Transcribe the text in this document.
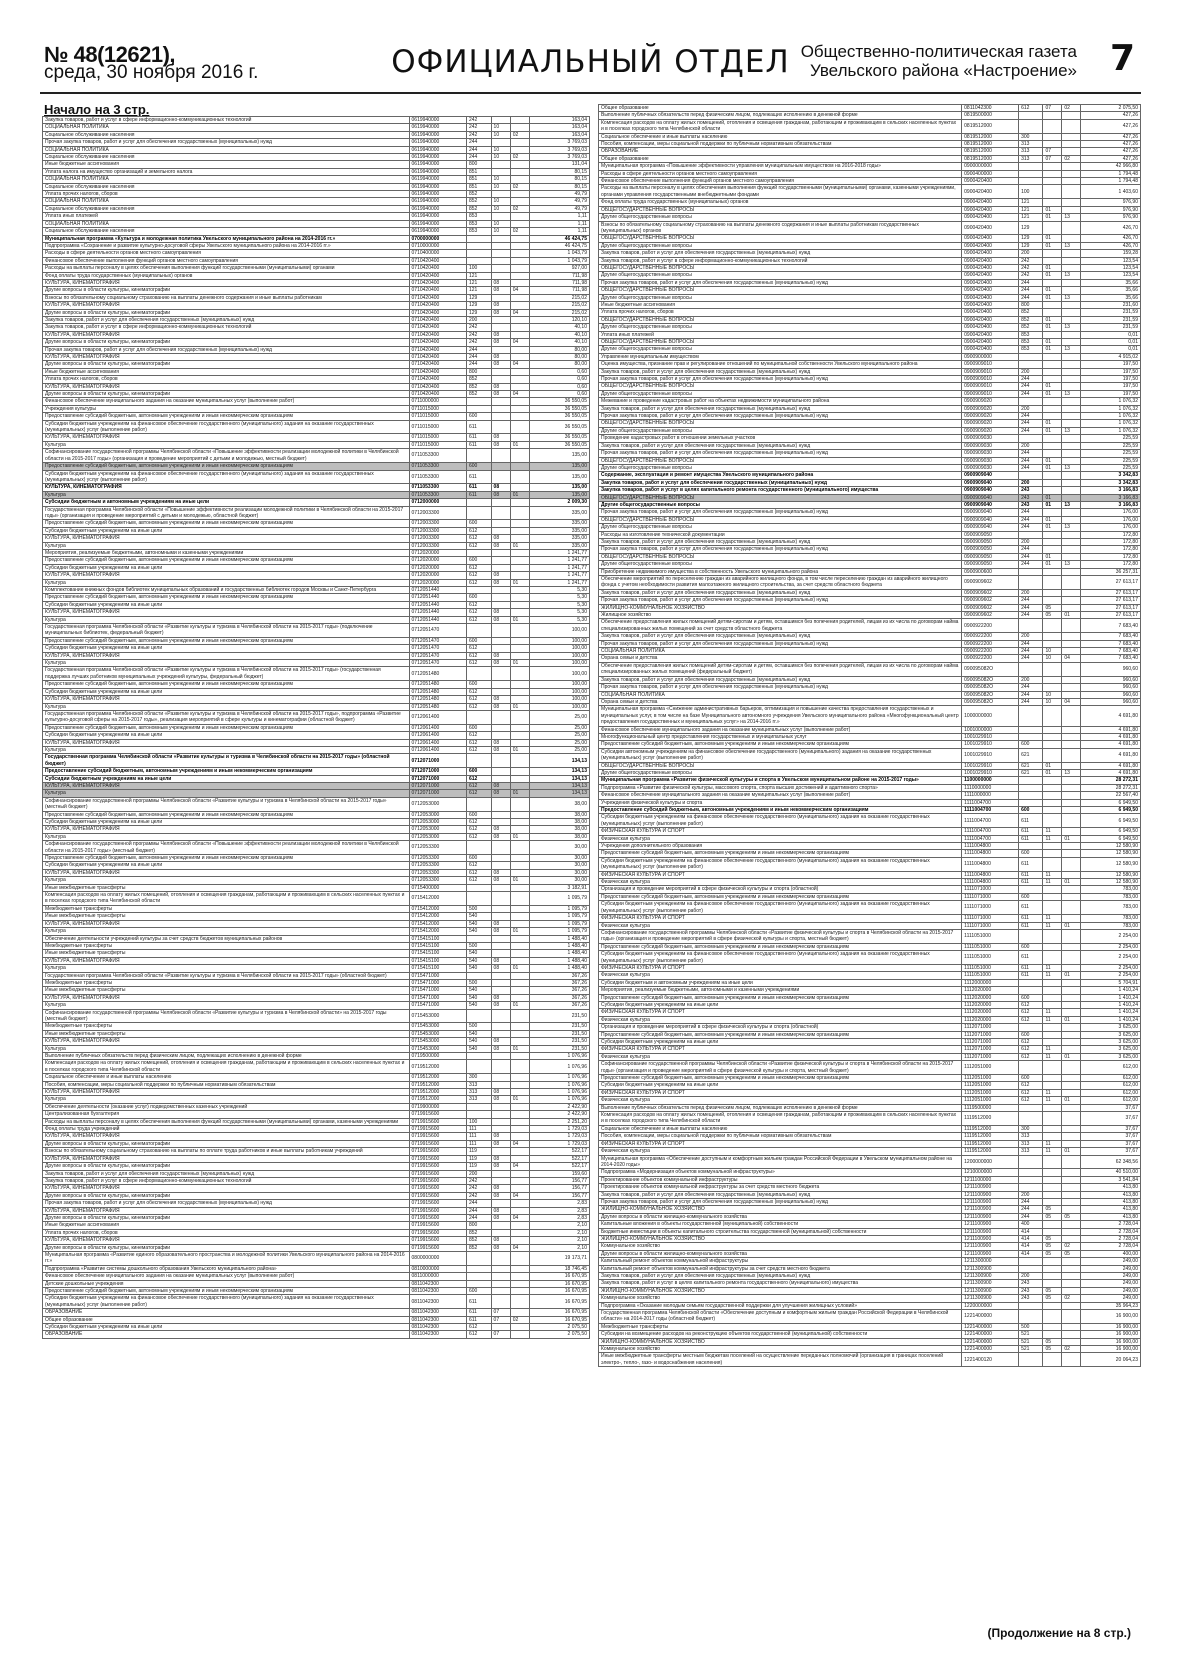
№ 48(12621),
среда, 30 ноября 2016 г.	ОФИЦИАЛЬНЫЙ ОТДЕЛ Общественно-политическая газета
Увельского района «Настроение» 7
Начало на 3 стр.
Закупка товаров, работ и услуг в сфере информационно-коммуникационных технологий	0619940000	242			163,04
СОЦИАЛЬНАЯ ПОЛИТИКА	0619940000	242	10		163,04
Социальное обслуживание населения	0619940000	242	10	02	163,04
Прочая закупка товаров, работ и услуг для обеспечения государственных (муниципальных) нужд	0619940000	244			3 769,03
СОЦИАЛЬНАЯ ПОЛИТИКА	0619940000	244	10		3 769,03
Социальное обслуживание населения	0619940000	244	10	02	3 769,03
Иные бюджетные ассигнования	0619940000	800			131,04
Уплата налога на имущество организаций и земельного налога	0619940000	851			80,15
СОЦИАЛЬНАЯ ПОЛИТИКА	0619940000	851	10		80,15
Социальное обслуживание населения	0619940000	851	10	02	80,15
Уплата прочих налогов, сборов	0619940000	852			49,79
СОЦИАЛЬНАЯ ПОЛИТИКА	0619940000	852	10		49,79
Социальное обслуживание населения	0619940000	852	10	02	49,79
Уплата иных платежей	0619940000	853			1,11
СОЦИАЛЬНАЯ ПОЛИТИКА	0619940000	853	10		1,11
Социальное обслуживание населения	0619940000	853	10	02	1,11
Муниципальная программа «Культура и молодежная политика Увельского муниципального района на 2014-2016 гг.»	0700000000				46 424,75
Подпрограмма «Сохранение и развитие культурно-досуговой сферы Увельского муниципального района на 2014-2016 гг.»	0710000000				46 424,75
Расходы в сфере деятельности органов местного самоуправления	0710400000				1 043,79
Финансовое обеспечение выполнения функций органов местного самоуправления	0710420400				1 043,79
Расходы на выплаты персоналу в целях обеспечения выполнения функций государственными (муниципальными) органами	0710420400	100			927,00
Фонд оплаты труда государственных (муниципальных) органов	0710420400	121			711,98
КУЛЬТУРА, КИНЕМАТОГРАФИЯ	0710420400	121	08		711,98
Другие вопросы в области культуры, кинематографии	0710420400	121	08	04	711,98
Взносы по обязательному социальному страхованию на выплаты денежного содержания и иные выплаты работникам	0710420400	129			215,02
КУЛЬТУРА, КИНЕМАТОГРАФИЯ	0710420400	129	08		215,02
Другие вопросы в области культуры, кинематографии	0710420400	129	08	04	215,02
Закупка товаров, работ и услуг для обеспечения государственных (муниципальных) нужд	0710420400	200			120,10
Закупка товаров, работ и услуг в сфере информационно-коммуникационных технологий	0710420400	242			40,10
КУЛЬТУРА, КИНЕМАТОГРАФИЯ	0710420400	242	08		40,10
Другие вопросы в области культуры, кинематографии	0710420400	242	08	04	40,10
Прочая закупка товаров, работ и услуг для обеспечения государственных (муниципальных) нужд	0710420400	244			80,00
КУЛЬТУРА, КИНЕМАТОГРАФИЯ	0710420400	244	08		80,00
Другие вопросы в области культуры, кинематографии	0710420400	244	08	04	80,00
Иные бюджетные ассигнования	0710420400	800			0,60
Уплата прочих налогов, сборов	0710420400	852			0,60
КУЛЬТУРА, КИНЕМАТОГРАФИЯ	0710420400	852	08		0,60
Другие вопросы в области культуры, кинематографии	0710420400	852	08	04	0,60
Финансовое обеспечение муниципального задания на оказание муниципальных услуг (выполнение работ)	0711000000				36 550,05
Учреждения культуры	0711015000				36 550,05
Предоставление субсидий бюджетным, автономным учреждениям и иным некоммерческим организациям	0711015000	600			36 550,05
Субсидии бюджетным учреждениям на финансовое обеспечение государственного (муниципального) задания на оказание государственных (муниципальных) услуг (выполнение работ)	0711015000	611			36 550,05
КУЛЬТУРА, КИНЕМАТОГРАФИЯ	0711015000	611	08		36 550,05
Культура	0711015000	611	08	01	36 550,05
Софинансирование государственной программы Челябинской области «Повышение эффективности реализации молодежной политики в Челябинской области на 2015-2017 годы» (организация и проведение мероприятий с детьми и молодежью, местный бюджет)	0711053300				135,00
Предоставление субсидий бюджетным, автономным учреждениям и иным некоммерческим организациям	0711053300	600			135,00
Субсидии бюджетным учреждениям на финансовое обеспечение государственного (муниципального) задания на оказание государственных (муниципальных) услуг (выполнение работ)	0711053300	611			135,00
КУЛЬТУРА, КИНЕМАТОГРАФИЯ	0711053300	611	08		135,00
Культура	0711053300	611	08	01	135,00
Субсидии бюджетным и автономным учреждениям на иные цели	0712000000				2 009,30
Государственная программа Челябинской области «Повышение эффективности реализации молодежной политики в Челябинской области на 2015-2017 годы» (организация и проведение мероприятий с детьми и молодежью, областной бюджет)	0712003300				335,00
Предоставление субсидий бюджетным, автономным учреждениям и иным некоммерческим организациям	0712003300	600			335,00
Субсидии бюджетным учреждениям на иные цели	0712003300	612			335,00
КУЛЬТУРА, КИНЕМАТОГРАФИЯ	0712003300	612	08		335,00
Культура	0712003300	612	08	01	335,00
Мероприятия, реализуемые бюджетными, автономными и казенными учреждениями	0712020000				1 241,77
Предоставление субсидий бюджетным, автономным учреждениям и иным некоммерческим организациям	0712020000	600			1 241,77
Субсидии бюджетным учреждениям на иные цели	0712020000	612			1 241,77
КУЛЬТУРА, КИНЕМАТОГРАФИЯ	0712020000	612	08		1 241,77
Культура	0712020000	612	08	01	1 241,77
Комплектование книжных фондов библиотек муниципальных образований и государственных библиотек городов Москвы и Санкт-Петербурга	0712051440				5,30
Предоставление субсидий бюджетным, автономным учреждениям и иным некоммерческим организациям	0712051440	600			5,30
Субсидии бюджетным учреждениям на иные цели	0712051440	612			5,30
КУЛЬТУРА, КИНЕМАТОГРАФИЯ	0712051440	612	08		5,30
Культура	0712051440	612	08	01	5,30
Государственная программа Челябинской области «Развитие культуры и туризма в Челябинской области на 2015-2017 годы» (подключение муниципальных библиотек, федеральный бюджет)	0712051470				100,00
Предоставление субсидий бюджетным, автономным учреждениям и иным некоммерческим организациям	0712051470	600			100,00
Субсидии бюджетным учреждениям на иные цели	0712051470	612			100,00
КУЛЬТУРА, КИНЕМАТОГРАФИЯ	0712051470	612	08		100,00
Культура	0712051470	612	08	01	100,00
Государственная программа Челябинской области «Развитие культуры и туризма в Челябинской области на 2015-2017 годы» (государственная поддержка лучших работников муниципальных учреждений культуры, федеральный бюджет)	0712051480				100,00
Предоставление субсидий бюджетным, автономным учреждениям и иным некоммерческим организациям	0712051480	600			100,00
Субсидии бюджетным учреждениям на иные цели	0712051480	612			100,00
КУЛЬТУРА, КИНЕМАТОГРАФИЯ	0712051480	612	08		100,00
Культура	0712051480	612	08	01	100,00
Государственная программа Челябинской области «Развитие культуры и туризма в Челябинской области на 2015-2017 годы», подпрограмма «Развитие культурно-досуговой сферы на 2015-2017 годы», реализация мероприятий в сфере культуры и кинематографии (областной бюджет)	0712061400				25,00
Предоставление субсидий бюджетным, автономным учреждениям и иным некоммерческим организациям	0712061400	600			25,00
Субсидии бюджетным учреждениям на иные цели	0712061400	612			25,00
КУЛЬТУРА, КИНЕМАТОГРАФИЯ	0712061400	612	08		25,00
Культура	0712061400	612	08	01	25,00
Государственная программа Челябинской области «Развитие культуры и туризма в Челябинской области на 2015-2017 годы» (областной бюджет)	0712071000				134,13
Предоставление субсидий бюджетным, автономным учреждениям и иным некоммерческим организациям	0712071000	600			134,13
Субсидии бюджетным учреждениям на иные цели	0712071000	612			134,13
КУЛЬТУРА, КИНЕМАТОГРАФИЯ	0712071000	612	08		134,13
Культура	0712071000	612	08	01	134,13
Софинансирование государственной программы Челябинской области «Развитие культуры и туризма в Челябинской области на 2015-2017 годы» (местный бюджет)	0712053000				38,00
Предоставление субсидий бюджетным, автономным учреждениям и иным некоммерческим организациям	0712053000	600			38,00
Субсидии бюджетным учреждениям на иные цели	0712053000	612			38,00
КУЛЬТУРА, КИНЕМАТОГРАФИЯ	0712053000	612	08		38,00
Культура	0712053000	612	08	01	38,00
Софинансирование государственной программы Челябинской области «Повышение эффективности реализации молодежной политики в Челябинской области на 2015-2017 годы» (местный бюджет)	0712053300				30,00
Предоставление субсидий бюджетным, автономным учреждениям и иным некоммерческим организациям	0712053300	600			30,00
Субсидии бюджетным учреждениям на иные цели	0712053300	612			30,00
КУЛЬТУРА, КИНЕМАТОГРАФИЯ	0712053300	612	08		30,00
Культура	0712053300	612	08	01	30,00
Иные межбюджетные трансферты	0715400000				3 182,91
Компенсация расходов на оплату жилых помещений, отопления и освещения гражданам, работающим и проживающим в сельских населенных пунктах и в поселках городского типа Челябинской области	0715412000				1 095,79
Межбюджетные трансферты	0715412000	500			1 095,79
Иные межбюджетные трансферты	0715412000	540			1 095,79
КУЛЬТУРА, КИНЕМАТОГРАФИЯ	0715412000	540	08		1 095,79
Культура	0715412000	540	08	01	1 095,79
Обеспечение деятельности учреждений культуры за счет средств бюджетов муниципальных районов	0715415100				1 488,40
Межбюджетные трансферты	0715415100	500			1 488,40
Иные межбюджетные трансферты	0715415100	540			1 488,40
КУЛЬТУРА, КИНЕМАТОГРАФИЯ	0715415100	540	08		1 488,40
Культура	0715415100	540	08	01	1 488,40
Государственная программа Челябинской области «Развитие культуры и туризма в Челябинской области на 2015-2017 годы» (областной бюджет)	0715471000				367,26
Межбюджетные трансферты	0715471000	500			367,26
Иные межбюджетные трансферты	0715471000	540			367,26
КУЛЬТУРА, КИНЕМАТОГРАФИЯ	0715471000	540	08		367,26
Культура	0715471000	540	08	01	367,26
Софинансирование государственной программы Челябинской области «Развитие культуры и туризма в Челябинской области» на 2015-2017 годы (местный бюджет)	0715453000				231,50
Межбюджетные трансферты	0715453000	500			231,50
Иные межбюджетные трансферты	0715453000	540			231,50
КУЛЬТУРА, КИНЕМАТОГРАФИЯ	0715453000	540	08		231,50
Культура	0715453000	540	08	01	231,50
Выполнение публичных обязательств перед физическим лицом, подлежащих исполнению в денежной форме	0719500000				1 076,96
Компенсация расходов на оплату жилых помещений, отопления и освещения гражданам, работающим и проживающим в сельских населенных пунктах и в поселках городского типа Челябинской области	0719512000				1 076,96
Социальное обеспечение и иные выплаты населению	0719512000	300			1 076,96
Пособия, компенсации, меры социальной поддержки по публичным нормативным обязательствам	0719512000	313			1 076,96
КУЛЬТУРА, КИНЕМАТОГРАФИЯ	0719512000	313	08		1 076,96
Культура	0719512000	313	08	01	1 076,96
Обеспечение деятельности (оказание услуг) подведомственных казенных учреждений	0719900000				2 422,90
Централизованная бухгалтерия	0719915600				2 422,90
Расходы на выплаты персоналу в целях обеспечения выполнения функций государственными (муниципальными) органами, казенными учреждениями	0719915600	100			2 251,20
Фонд оплаты труда учреждений	0719915600	111			1 729,03
КУЛЬТУРА, КИНЕМАТОГРАФИЯ	0719915600	111	08		1 729,03
Другие вопросы в области культуры, кинематографии	0719915600	111	08	04	1 729,03
Взносы по обязательному социальному страхованию на выплаты по оплате труда работников и иные выплаты работникам учреждений	0719915600	119			522,17
КУЛЬТУРА, КИНЕМАТОГРАФИЯ	0719915600	119	08		522,17
Другие вопросы в области культуры, кинематографии	0719915600	119	08	04	522,17
Закупка товаров, работ и услуг для обеспечения государственных (муниципальных) нужд	0719915600	200			159,60
Закупка товаров, работ и услуг в сфере информационно-коммуникационных технологий	0719915600	242			156,77
КУЛЬТУРА, КИНЕМАТОГРАФИЯ	0719915600	242	08		156,77
Другие вопросы в области культуры, кинематографии	0719915600	242	08	04	156,77
Прочая закупка товаров, работ и услуг для обеспечения государственных (муниципальных) нужд	0719915600	244			2,83
КУЛЬТУРА, КИНЕМАТОГРАФИЯ	0719915600	244	08		2,83
Другие вопросы в области культуры, кинематографии	0719915600	244	08	04	2,83
Иные бюджетные ассигнования	0719915600	800			2,10
Уплата прочих налогов, сборов	0719915600	852			2,10
КУЛЬТУРА, КИНЕМАТОГРАФИЯ	0719915600	852	08		2,10
Другие вопросы в области культуры, кинематографии	0719915600	852	08	04	2,10
Муниципальная программа «Развитие единого образовательного пространства и молодежной политики Увельского муниципального района на 2014-2016 гг.»	0800000000				19 173,71
Подпрограмма «Развитие системы дошкольного образования Увельского муниципального района»	0810000000				18 746,45
Финансовое обеспечение муниципального задания на оказание муниципальных услуг (выполнение работ)	0811000000				16 670,95
Детские дошкольные учреждения	0811042300				16 670,95
Предоставление субсидий бюджетным, автономным учреждениям и иным некоммерческим организациям	0811042300	600			16 670,95
Субсидии бюджетным учреждениям на финансовое обеспечение государственного (муниципального) задания на оказание государственных (муниципальных) услуг (выполнение работ)	0811042300	611			16 670,95
ОБРАЗОВАНИЕ	0811042300	611	07		16 670,95
Общее образование	0811042300	611	07	02	16 670,95
Субсидии бюджетным учреждениям на иные цели	0811042300	612			2 075,50
ОБРАЗОВАНИЕ	0811042300	612	07		2 075,50
Общее образование	0811042300	612	07	02	2 075,50
Выполнение публичных обязательств перед физическим лицом, подлежащих исполнению в денежной форме	0819500000				427,26
Компенсация расходов на оплату жилых помещений, отопления и освещения гражданам, работающим и проживающим в сельских населенных пунктах и в поселках городского типа Челябинской области	0819512000				427,26
Социальное обеспечение и иные выплаты населению	0819512000	300			427,26
Пособия, компенсации, меры социальной поддержки по публичным нормативным обязательствам	0819512000	313			427,26
ОБРАЗОВАНИЕ	0819512000	313	07		427,26
Общее образование	0819512000	313	07	02	427,26
Муниципальная программа «Повышение эффективности управления муниципальным имуществом на 2016-2018 годы»	0900000000				42 966,80
Расходы в сфере деятельности органов местного самоуправления	0900400000				1 794,48
Финансовое обеспечение выполнения функций органов местного самоуправления	0900420400				1 794,48
Расходы на выплаты персоналу в целях обеспечения выполнения функций государственными (муниципальными) органами, казенными учреждениями, органами управления государственными внебюджетными фондами	0900420400	100			1 403,60
Фонд оплаты труда государственных (муниципальных) органов	0900420400	121			976,90
ОБЩЕГОСУДАРСТВЕННЫЕ ВОПРОСЫ	0900420400	121	01		976,90
Другие общегосударственные вопросы	0900420400	121	01	13	976,90
Взносы по обязательному социальному страхованию на выплаты денежного содержания и иные выплаты работникам государственных (муниципальных) органов	0900420400	129			426,70
ОБЩЕГОСУДАРСТВЕННЫЕ ВОПРОСЫ	0900420400	129	01		426,70
Другие общегосударственные вопросы	0900420400	129	01	13	426,70
Закупка товаров, работ и услуг для обеспечения государственных (муниципальных) нужд	0900420400	200			159,28
Закупка товаров, работ и услуг в сфере информационно-коммуникационных технологий	0900420400	242			123,54
ОБЩЕГОСУДАРСТВЕННЫЕ ВОПРОСЫ	0900420400	242	01		123,54
Другие общегосударственные вопросы	0900420400	242	01	13	123,54
Прочая закупка товаров, работ и услуг для обеспечения государственных (муниципальных) нужд	0900420400	244			35,66
ОБЩЕГОСУДАРСТВЕННЫЕ ВОПРОСЫ	0900420400	244	01		35,66
Другие общегосударственные вопросы	0900420400	244	01	13	35,66
Иные бюджетные ассигнования	0900420400	800			231,60
Уплата прочих налогов, сборов	0900420400	852			231,59
ОБЩЕГОСУДАРСТВЕННЫЕ ВОПРОСЫ	0900420400	852	01		231,59
Другие общегосударственные вопросы	0900420400	852	01	13	231,59
Уплата иных платежей	0900420400	853			0,01
ОБЩЕГОСУДАРСТВЕННЫЕ ВОПРОСЫ	0900420400	853	01		0,01
Другие общегосударственные вопросы	0900420400	853	01	13	0,01
Управление муниципальным имуществом	0900900000				4 915,02
Оценка имущества, признание прав и регулирование отношений по муниципальной собственности Увельского муниципального района	0900909010				197,50
Закупка товаров, работ и услуг для обеспечения государственных (муниципальных) нужд	0900909010	200			197,50
Прочая закупка товаров, работ и услуг для обеспечения государственных (муниципальных) нужд	0900909010	244			197,50
ОБЩЕГОСУДАРСТВЕННЫЕ ВОПРОСЫ	0900909010	244	01		197,50
Другие общегосударственные вопросы	0900909010	244	01	13	197,50
Межевание и проведение кадастровых работ на объектах недвижимости муниципального района	0900909020				1 076,32
Закупка товаров, работ и услуг для обеспечения государственных (муниципальных) нужд	0900909020	200			1 076,32
Прочая закупка товаров, работ и услуг для обеспечения государственных (муниципальных) нужд	0900909020	244			1 076,32
ОБЩЕГОСУДАРСТВЕННЫЕ ВОПРОСЫ	0900909020	244	01		1 076,32
Другие общегосударственные вопросы	0900909020	244	01	13	1 076,32
Проведение кадастровых работ в отношении земельных участков	0900909030				225,59
Закупка товаров, работ и услуг для обеспечения государственных (муниципальных) нужд	0900909030	200			225,59
Прочая закупка товаров, работ и услуг для обеспечения государственных (муниципальных) нужд	0900909030	244			225,59
ОБЩЕГОСУДАРСТВЕННЫЕ ВОПРОСЫ	0900909030	244	01		225,59
Другие общегосударственные вопросы	0900909030	244	01	13	225,59
Содержание, эксплуатация и ремонт имущества Увельского муниципального района	0900909040				3 342,83
Закупка товаров, работ и услуг для обеспечения государственных (муниципальных) нужд	0900909040	200			3 342,83
Закупка товаров, работ и услуг в целях капитального ремонта государственного (муниципального) имущества	0900909040	243			3 166,83
ОБЩЕГОСУДАРСТВЕННЫЕ ВОПРОСЫ	0900909040	243	01		3 166,83
Другие общегосударственные вопросы	0900909040	243	01	13	3 166,83
Прочая закупка товаров, работ и услуг для обеспечения государственных (муниципальных) нужд	0900909040	244			176,00
ОБЩЕГОСУДАРСТВЕННЫЕ ВОПРОСЫ	0900909040	244	01		176,00
Другие общегосударственные вопросы	0900909040	244	01	13	176,00
Расходы на изготовление технической документации	0900909050				172,80
Закупка товаров, работ и услуг для обеспечения государственных (муниципальных) нужд	0900909050	200			172,80
Прочая закупка товаров, работ и услуг для обеспечения государственных (муниципальных) нужд	0900909050	244			172,80
ОБЩЕГОСУДАРСТВЕННЫЕ ВОПРОСЫ	0900909050	244	01		172,80
Другие общегосударственные вопросы	0900909050	244	01	13	172,80
Приобретение недвижимого имущества в собственность Увельского муниципального района	0900900600				36 257,31
Обеспечение мероприятий по переселению граждан из аварийного жилищного фонда, в том числе переселению граждан из аварийного жилищного фонда с учетом необходимости развития малоэтажного жилищного строительства, за счет средств областного бюджета	0900909602				27 613,17
Закупка товаров, работ и услуг для обеспечения государственных (муниципальных) нужд	0900909602	200			27 613,17
Прочая закупка товаров, работ и услуг для обеспечения государственных (муниципальных) нужд	0900909602	244			27 613,17
ЖИЛИЩНО-КОММУНАЛЬНОЕ ХОЗЯЙСТВО	0900909602	244	05		27 613,17
Жилищное хозяйство	0900909602	244	05	01	27 613,17
Обеспечение предоставления жилых помещений детям-сиротам и детям, оставшимся без попечения родителей, лицам из их числа по договорам найма специализированных жилых помещений за счет средств областного бюджета	0900922200				7 683,40
Закупка товаров, работ и услуг для обеспечения государственных (муниципальных) нужд	0900922200	200			7 683,40
Прочая закупка товаров, работ и услуг для обеспечения государственных (муниципальных) нужд	0900922200	244			7 683,40
СОЦИАЛЬНАЯ ПОЛИТИКА	0900922200	244	10		7 683,40
Охрана семьи и детства	0900922200	244	10	04	7 683,40
Обеспечение предоставления жилых помещений детям-сиротам и детям, оставшимся без попечения родителей, лицам из их числа по договорам найма специализированных жилых помещений (федеральный бюджет)	090095082О				960,60
Закупка товаров, работ и услуг для обеспечения государственных (муниципальных) нужд	090095082О	200			960,60
Прочая закупка товаров, работ и услуг для обеспечения государственных (муниципальных) нужд	090095082О	244			960,60
СОЦИАЛЬНАЯ ПОЛИТИКА	090095082О	244	10		960,60
Охрана семьи и детства	090095082О	244	10	04	960,60
Муниципальная программа «Снижение административных барьеров, оптимизация и повышение качества предоставления государственных и муниципальных услуг, в том числе на базе Муниципального автономного учреждения Увельского муниципального района «Многофункциональный центр предоставления государственных и муниципальных услуг» на 2014-2016 гг.»	1000000000				4 691,80
Финансовое обеспечение муниципального задания на оказание муниципальных услуг (выполнение работ)	1001000000				4 691,80
Многофункциональный центр предоставления государственных и муниципальных услуг	1001029910				4 691,80
Предоставление субсидий бюджетным, автономным учреждениям и иным некоммерческим организациям	1001029910	600			4 691,80
Субсидии автономным учреждениям на финансовое обеспечение государственного (муниципального) задания на оказание государственных (муниципальных) услуг (выполнение работ)	1001029910	621			4 691,80
ОБЩЕГОСУДАРСТВЕННЫЕ ВОПРОСЫ	1001029910	621	01		4 691,80
Другие общегосударственные вопросы	1001029910	621	01	13	4 691,80
Муниципальная программа «Развитие физической культуры и спорта в Увельском муниципальном районе на 2015-2017 годы»	1100000000				28 272,31
Подпрограмма «Развитие физической культуры, массового спорта, спорта высших достижений и адаптивного спорта»	1110000000				28 272,31
Финансовое обеспечение муниципального задания на оказание муниципальных услуг (выполнение работ)	1111000000				22 567,40
Учреждения физической культуры и спорта	1111004700				6 949,50
Предоставление субсидий бюджетным, автономным учреждениям и иным некоммерческим организациям	1111004700	600			6 949,50
Субсидии бюджетным учреждениям на финансовое обеспечение государственного (муниципального) задания на оказание государственных (муниципальных) услуг (выполнение работ)	1111004700	611			6 949,50
ФИЗИЧЕСКАЯ КУЛЬТУРА И СПОРТ	1111004700	611	11		6 949,50
Физическая культура	1111004700	611	11	01	6 949,50
Учреждения дополнительного образования	1111004800				12 580,90
Предоставление субсидий бюджетным, автономным учреждениям и иным некоммерческим организациям	1111004800	600			12 580,90
Субсидии бюджетным учреждениям на финансовое обеспечение государственного (муниципального) задания на оказание государственных (муниципальных) услуг (выполнение работ)	1111004800	611			12 580,90
ФИЗИЧЕСКАЯ КУЛЬТУРА И СПОРТ	1111004800	611	11		12 580,90
Физическая культура	1111004800	611	11	01	12 580,90
Организация и проведение мероприятий в сфере физической культуры и спорта (областной)	1111071000				783,00
Предоставление субсидий бюджетным, автономным учреждениям и иным некоммерческим организациям	1111071000	600			783,00
Субсидии бюджетным учреждениям на финансовое обеспечение государственного (муниципального) задания на оказание государственных (муниципальных) услуг (выполнение работ)	1111071000	611			783,00
ФИЗИЧЕСКАЯ КУЛЬТУРА И СПОРТ	1111071000	611	11		783,00
Физическая культура	1111071000	611	11	01	783,00
Софинансирование государственной программы Челябинской области «Развитие физической культуры и спорта в Челябинской области на 2015-2017 годы» (организация и проведение мероприятий в сфере физической культуры и спорта, местный бюджет)	1111051000				2 254,00
Предоставление субсидий бюджетным, автономным учреждениям и иным некоммерческим организациям	1111051000	600			2 254,00
Субсидии бюджетным учреждениям на финансовое обеспечение государственного (муниципального) задания на оказание государственных (муниципальных) услуг (выполнение работ)	1111051000	611			2 254,00
ФИЗИЧЕСКАЯ КУЛЬТУРА И СПОРТ	1111051000	611	11		2 254,00
Физическая культура	1111051000	611	11	01	2 254,00
Субсидии бюджетным и автономным учреждениям на иные цели	1112000000				5 704,91
Мероприятия, реализуемые бюджетными, автономными и казенными учреждениями	1112020000				1 410,24
Предоставление субсидий бюджетным, автономным учреждениям и иным некоммерческим организациям	1112020000	600			1 410,24
Субсидии бюджетным учреждениям на иные цели	1112020000	612			1 410,24
ФИЗИЧЕСКАЯ КУЛЬТУРА И СПОРТ	1112020000	612	11		1 410,24
Физическая культура	1112020000	612	11	01	1 410,24
Организация и проведение мероприятий в сфере физической культуры и спорта (областной)	1112071000				3 625,00
Предоставление субсидий бюджетным, автономным учреждениям и иным некоммерческим организациям	1112071000	600			3 625,00
Субсидии бюджетным учреждениям на иные цели	1112071000	612			3 625,00
ФИЗИЧЕСКАЯ КУЛЬТУРА И СПОРТ	1112071000	612	11		3 625,00
Физическая культура	1112071000	612	11	01	3 625,00
Софинансирование государственной программы Челябинской области «Развитие физической культуры и спорта в Челябинской области на 2015-2017 годы» (организация и проведение мероприятий в сфере физической культуры и спорта, местный бюджет)	1112051000				612,00
Предоставление субсидий бюджетным, автономным учреждениям и иным некоммерческим организациям	1112051000	600			612,00
Субсидии бюджетным учреждениям на иные цели	1112051000	612			612,00
ФИЗИЧЕСКАЯ КУЛЬТУРА И СПОРТ	1112051000	612	11		612,00
Физическая культура	1112051000	612	11	01	612,00
Выполнение публичных обязательств перед физическим лицом, подлежащих исполнению в денежной форме	1119500000				37,67
Компенсация расходов на оплату жилых помещений, отопления и освещения гражданам, работающим и проживающим в сельских населенных пунктах и в поселках городского типа Челябинской области	1119512000				37,67
Социальное обеспечение и иные выплаты населению	1119512000	300			37,67
Пособия, компенсации, меры социальной поддержки по публичным нормативным обязательствам	1119512000	313			37,67
ФИЗИЧЕСКАЯ КУЛЬТУРА И СПОРТ	1119512000	313	11		37,67
Физическая культура	1119512000	313	11	01	37,67
Муниципальная программа «Обеспечение доступным и комфортным жильем граждан Российской Федерации в Увельском муниципальном районе на 2014-2020 годы»	1200000000				62 348,56
Подпрограмма «Модернизация объектов коммунальной инфраструктуры»	1210000000				40 510,00
Проектирование объектов коммунальной инфраструктуры	1211100000				3 541,84
Проектирование объектов коммунальной инфраструктуры за счет средств местного бюджета	1211100900				413,80
Закупка товаров, работ и услуг для обеспечения государственных (муниципальных) нужд	1211100900	200			413,80
Прочая закупка товаров, работ и услуг для обеспечения государственных (муниципальных) нужд	1211100900	244			413,80
ЖИЛИЩНО-КОММУНАЛЬНОЕ ХОЗЯЙСТВО	1211100900	244	05		413,80
Другие вопросы в области жилищно-коммунального хозяйства	1211100900	244	05	05	413,80
Капитальные вложения в объекты государственной (муниципальной) собственности	1211100900	400			2 728,04
Бюджетные инвестиции в объекты капитального строительства государственной (муниципальной) собственности	1211100900	414			2 728,04
ЖИЛИЩНО-КОММУНАЛЬНОЕ ХОЗЯЙСТВО	1211100900	414	05		2 728,04
Коммунальное хозяйство	1211100900	414	05	02	2 728,04
Другие вопросы в области жилищно-коммунального хозяйства	1211100900	414	05	05	400,00
Капитальный ремонт объектов коммунальной инфраструктуры	1211300000				249,00
Капитальный ремонт объектов коммунальной инфраструктуры за счет средств местного бюджета	1211300900				249,00
Закупка товаров, работ и услуг для обеспечения государственных (муниципальных) нужд	1211300900	200			249,00
Закупка товаров, работ и услуг в целях капитального ремонта государственного (муниципального) имущества	1211300900	243			249,00
ЖИЛИЩНО-КОММУНАЛЬНОЕ ХОЗЯЙСТВО	1211300900	243	05		249,00
Коммунальное хозяйство	1211300900	243	05	02	249,00
Подпрограмма «Оказание молодым семьям государственной поддержки для улучшения жилищных условий»	1220000000				35 964,23
Государственная программа Челябинской области «Обеспечение доступным и комфортным жильем граждан Российской Федерации в Челябинской области» на 2014-2017 годы (областной бюджет)	1221400000				16 900,00
Межбюджетные трансферты	1221400000	500			16 900,00
Субсидии на возмещение расходов на реконструкцию объектов государственной (муниципальной) собственности	1221400000	521			16 900,00
ЖИЛИЩНО-КОММУНАЛЬНОЕ ХОЗЯЙСТВО	1221400000	521	05		16 900,00
Коммунальное хозяйство	1221400000	521	05	02	16 900,00
Иные межбюджетные трансферты местным бюджетам поселений на осуществление переданных полномочий (организация в границах поселений электро-, тепло-, газо- и водоснабжения населения)	1221400120				20 064,23
(Продолжение на 8 стр.)
